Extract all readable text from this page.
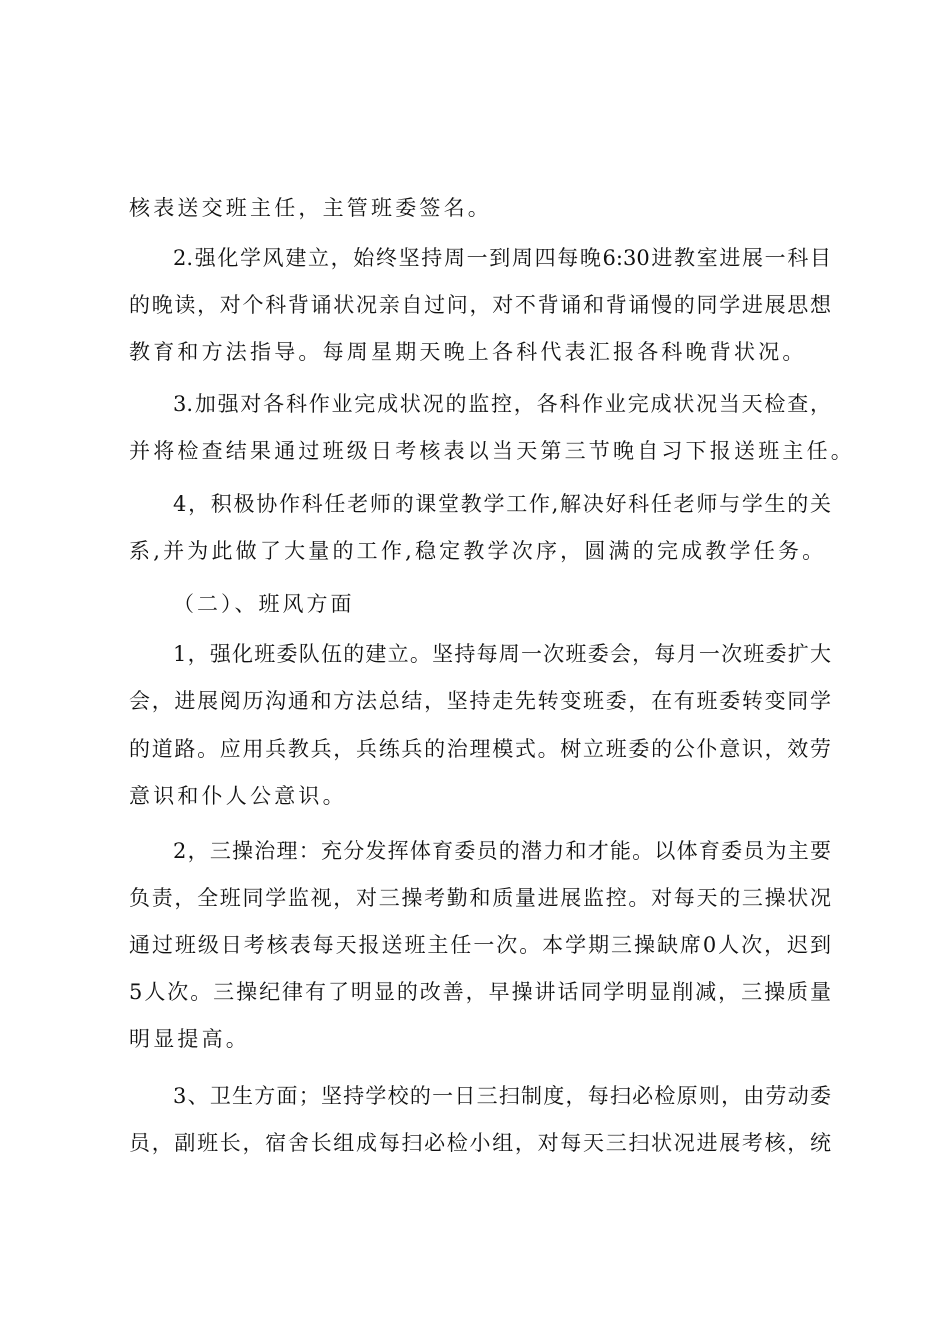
核表送交班主任，主管班委签名。
2.强化学风建立，始终坚持周一到周四每晚6:30进教室进展一科目
的晚读，对个科背诵状况亲自过问，对不背诵和背诵慢的同学进展思想
教育和方法指导。每周星期天晚上各科代表汇报各科晚背状况。
3.加强对各科作业完成状况的监控，各科作业完成状况当天检查，
并将检查结果通过班级日考核表以当天第三节晚自习下报送班主任。
4，积极协作科任老师的课堂教学工作,解决好科任老师与学生的关
系,并为此做了大量的工作,稳定教学次序，圆满的完成教学任务。
（二）、班风方面
1，强化班委队伍的建立。坚持每周一次班委会，每月一次班委扩大
会，进展阅历沟通和方法总结，坚持走先转变班委，在有班委转变同学
的道路。应用兵教兵，兵练兵的治理模式。树立班委的公仆意识，效劳
意识和仆人公意识。
2，三操治理：充分发挥体育委员的潜力和才能。以体育委员为主要
负责，全班同学监视，对三操考勤和质量进展监控。对每天的三操状况
通过班级日考核表每天报送班主任一次。本学期三操缺席0人次，迟到
5人次。三操纪律有了明显的改善，早操讲话同学明显削减，三操质量
明显提高。
3、卫生方面；坚持学校的一日三扫制度，每扫必检原则，由劳动委
员，副班长，宿舍长组成每扫必检小组，对每天三扫状况进展考核，统
